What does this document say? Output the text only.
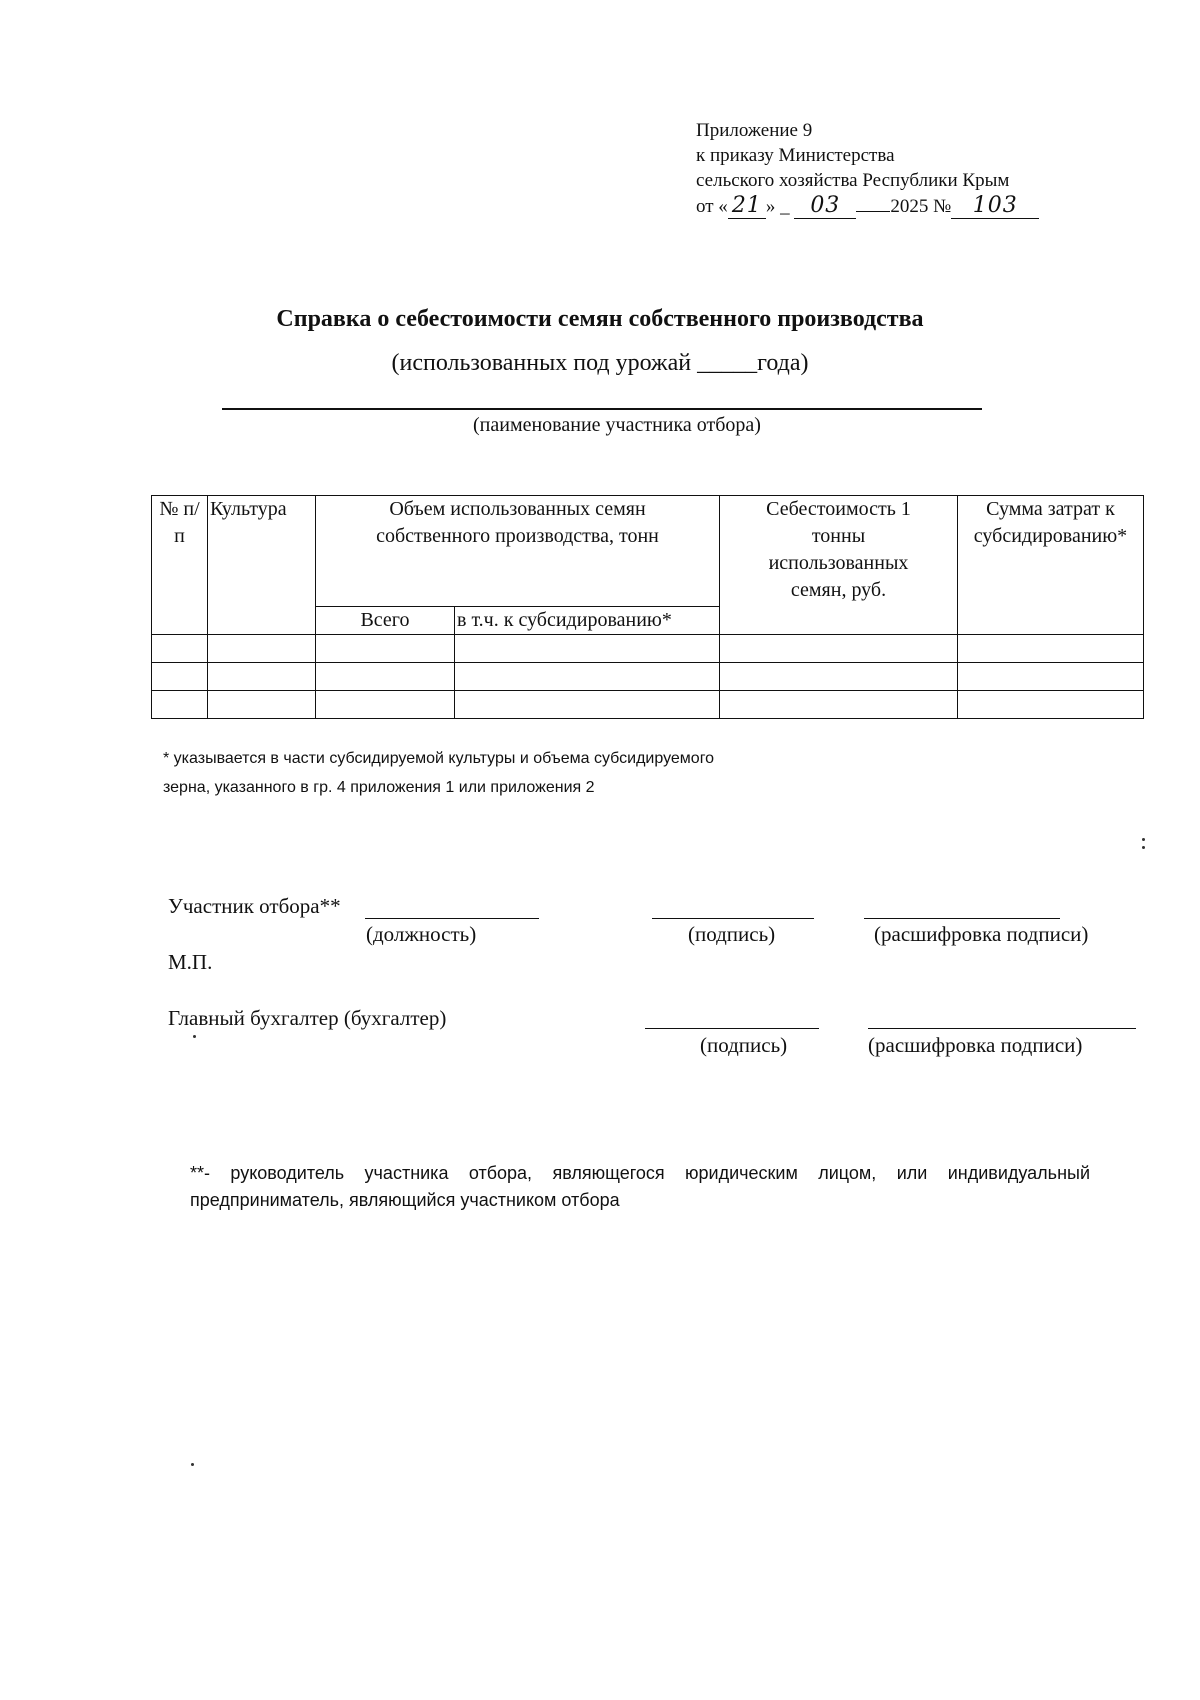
Приложение 9
к приказу Министерства
сельского хозяйства Республики Крым
от « 21 » _ 03	2025 № 103
Справка о себестоимости семян собственного производства
(использованных под урожай _____года)
(паименование участника отбора)
№ п/п	Культура	Объем использованных семян собственного производства, тонн		Себестоимость 1 тонны использованных семян, руб.	Сумма затрат к субсидированию*
		Всего	в т.ч. к субсидированию*		

* указывается в части субсидируемой культуры и объема субсидируемого
зерна, указанного в гр. 4 приложения 1 или приложения 2
Участник отбора**
(должность)	(подпись)	(расшифровка подписи)
М.П.
Главный бухгалтер (бухгалтер)
(подпись)	(расшифровка подписи)
**- руководитель участника отбора, являющегося юридическим лицом, или индивидуальный предприниматель, являющийся участником отбора
